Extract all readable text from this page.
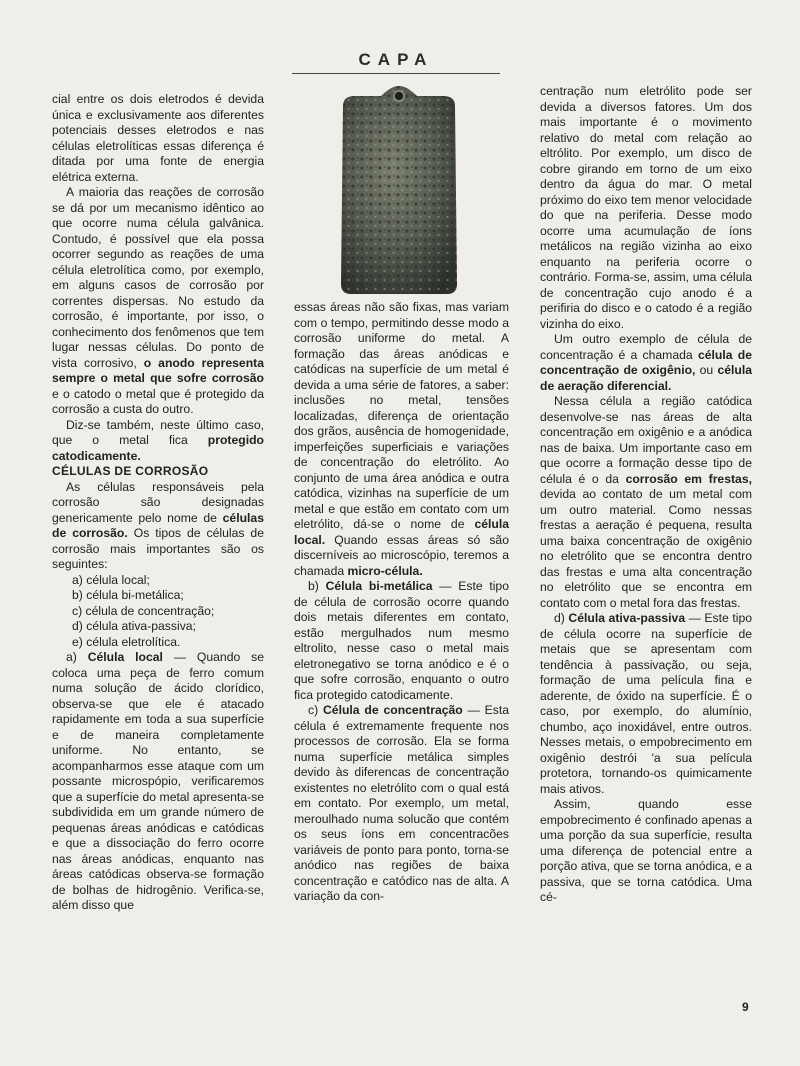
CAPA

cial entre os dois eletrodos é devida única e exclusivamente aos diferentes potenciais desses eletrodos e nas células eletrolíticas essas diferença é ditada por uma fonte de energia elétrica externa.

A maioria das reações de corrosão se dá por um mecanismo idêntico ao que ocorre numa célula galvânica. Contudo, é possível que ela possa ocorrer segundo as reações de uma célula eletrolítica como, por exemplo, em alguns casos de corrosão por correntes dispersas. No estudo da corrosão, é importante, por isso, o conhecimento dos fenômenos que tem lugar nessas células. Do ponto de vista corrosivo, o anodo representa sempre o metal que sofre corrosão e o catodo o metal que é protegido da corrosão a custa do outro.

Diz-se também, neste último caso, que o metal fica protegido catodicamente.

CÉLULAS DE CORROSÃO

As células responsáveis pela corrosão são designadas genericamente pelo nome de células de corrosão. Os tipos de células de corrosão mais importantes são os seguintes:

a) célula local;
b) célula bi-metálica;
c) célula de concentração;
d) célula ativa-passiva;
e) célula eletrolítica.

a) Célula local — Quando se coloca uma peça de ferro comum numa solução de ácido clorídico, observa-se que ele é atacado rapidamente em toda a sua superfície e de maneira completamente uniforme. No entanto, se acompanharmos esse ataque com um possante microspópio, verificaremos que a superfície do metal apresenta-se subdividida em um grande número de pequenas áreas anódicas e catódicas e que a dissociação do ferro ocorre nas áreas anódicas, enquanto nas áreas catódicas observa-se formação de bolhas de hidrogênio. Verifica-se, além disso que

essas áreas não são fixas, mas variam com o tempo, permitindo desse modo a corrosão uniforme do metal. A formação das áreas anódicas e catódicas na superfície de um metal é devida a uma série de fatores, a saber: inclusões no metal, tensões localizadas, diferença de orientação dos grãos, ausência de homogenidade, imperfeições superficiais e variações de concentração do eletrólito. Ao conjunto de uma área anódica e outra catódica, vizinhas na superfície de um metal e que estão em contato com um eletrólito, dá-se o nome de célula local. Quando essas áreas só são discerníveis ao microscópio, teremos a chamada micro-célula.

b) Célula bi-metálica — Este tipo de célula de corrosão ocorre quando dois metais diferentes em contato, estão mergulhados num mesmo eltrolito, nesse caso o metal mais eletronegativo se torna anódico e é o que sofre corrosão, enquanto o outro fica protegido catodicamente.

c) Célula de concentração — Esta célula é extremamente frequente nos processos de corrosão. Ela se forma numa superfície metálica simples devido às diferencas de concentração existentes no eletrólito com o qual está em contato. Por exemplo, um metal, meroulhado numa solucão que contém os seus íons em concentracões variáveis de ponto para ponto, torna-se anódico nas regiões de baixa concentração e catódico nas de alta. A variação da con-

centração num eletrólito pode ser devida a diversos fatores. Um dos mais importante é o movimento relativo do metal com relação ao eltrólito. Por exemplo, um disco de cobre girando em torno de um eixo dentro da água do mar. O metal próximo do eixo tem menor velocidade do que na periferia. Desse modo ocorre uma acumulação de íons metálicos na região vizinha ao eixo enquanto na periferia ocorre o contrário. Forma-se, assim, uma célula de concentração cujo anodo é a perifiria do disco e o catodo é a região vizinha do eixo.

Um outro exemplo de célula de concentração é a chamada célula de concentração de oxigênio, ou célula de aeração diferencial.

Nessa célula a região catódica desenvolve-se nas áreas de alta concentração em oxigênio e a anódica nas de baixa. Um importante caso em que ocorre a formação desse tipo de célula é o da corrosão em frestas, devida ao contato de um metal com um outro material. Como nessas frestas a aeração é pequena, resulta uma baixa concentração de oxigênio no eletrólito que se encontra dentro das frestas e uma alta concentração no eletrólito que se encontra em contato com o metal fora das frestas.

d) Célula ativa-passiva — Este tipo de célula ocorre na superfície de metais que se apresentam com tendência à passivação, ou seja, formação de uma película fina e aderente, de óxido na superfície. É o caso, por exemplo, do alumínio, chumbo, aço inoxidável, entre outros. Nesses metais, o empobrecimento em oxigênio destrói 'a sua película protetora, tornando-os quimicamente mais ativos.

Assim, quando esse empobrecimento é confinado apenas a uma porção da sua superfície, resulta uma diferença de potencial entre a porção ativa, que se torna anódica, e a passiva, que se torna catódica. Uma cé-

9
